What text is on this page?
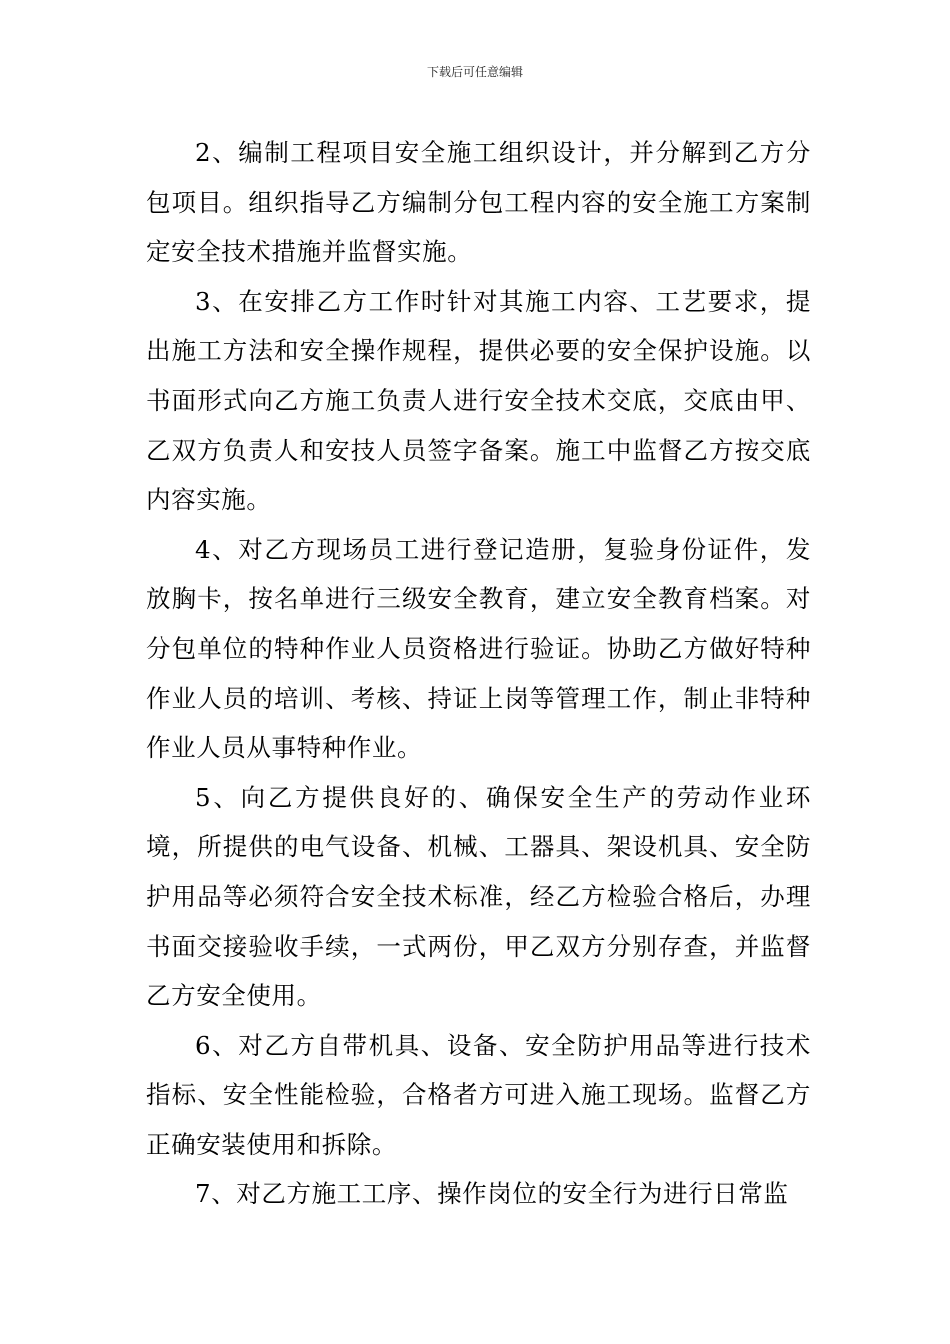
下载后可任意编辑

2、编制工程项目安全施工组织设计，并分解到乙方分包项目。组织指导乙方编制分包工程内容的安全施工方案制定安全技术措施并监督实施。

3、在安排乙方工作时针对其施工内容、工艺要求，提出施工方法和安全操作规程，提供必要的安全保护设施。以书面形式向乙方施工负责人进行安全技术交底，交底由甲、乙双方负责人和安技人员签字备案。施工中监督乙方按交底内容实施。

4、对乙方现场员工进行登记造册，复验身份证件，发放胸卡，按名单进行三级安全教育，建立安全教育档案。对分包单位的特种作业人员资格进行验证。协助乙方做好特种作业人员的培训、考核、持证上岗等管理工作，制止非特种作业人员从事特种作业。

5、向乙方提供良好的、确保安全生产的劳动作业环境，所提供的电气设备、机械、工器具、架设机具、安全防护用品等必须符合安全技术标准，经乙方检验合格后，办理书面交接验收手续，一式两份，甲乙双方分别存查，并监督乙方安全使用。

6、对乙方自带机具、设备、安全防护用品等进行技术指标、安全性能检验，合格者方可进入施工现场。监督乙方正确安装使用和拆除。

7、对乙方施工工序、操作岗位的安全行为进行日常监
